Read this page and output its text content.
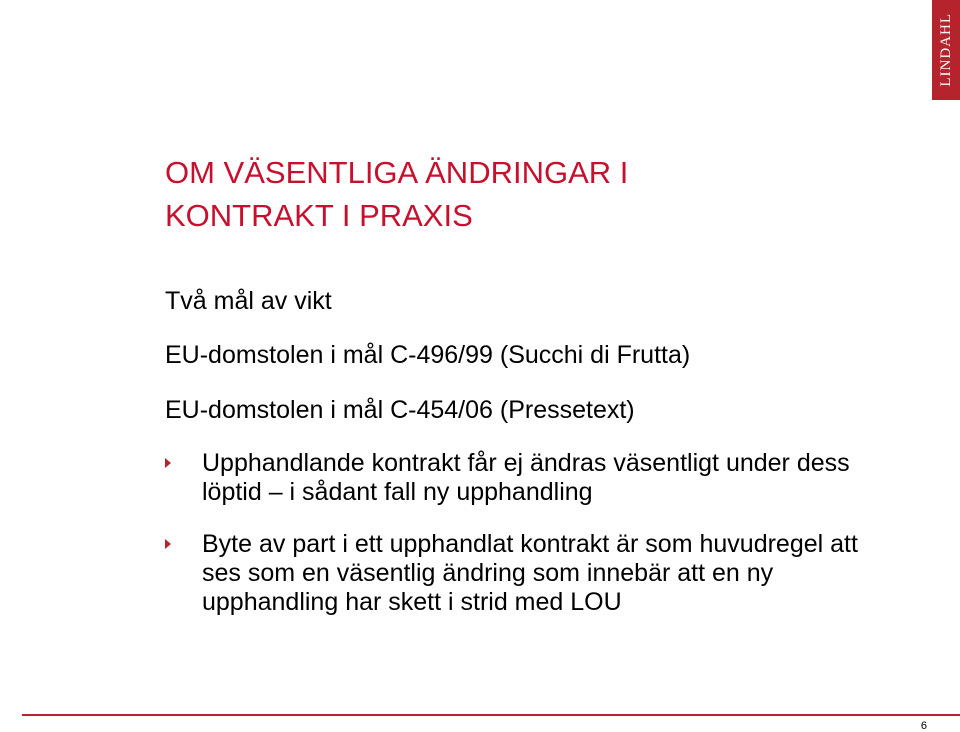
LINDAHL
OM VÄSENTLIGA ÄNDRINGAR I
KONTRAKT I PRAXIS
Två mål av vikt
EU-domstolen i mål C-496/99 (Succhi di Frutta)
EU-domstolen i mål C-454/06 (Pressetext)
Upphandlande kontrakt får ej ändras väsentligt under dess löptid – i sådant fall ny upphandling
Byte av part i ett upphandlat kontrakt är som huvudregel att ses som en väsentlig ändring som innebär att en ny upphandling har skett i strid med LOU
6
